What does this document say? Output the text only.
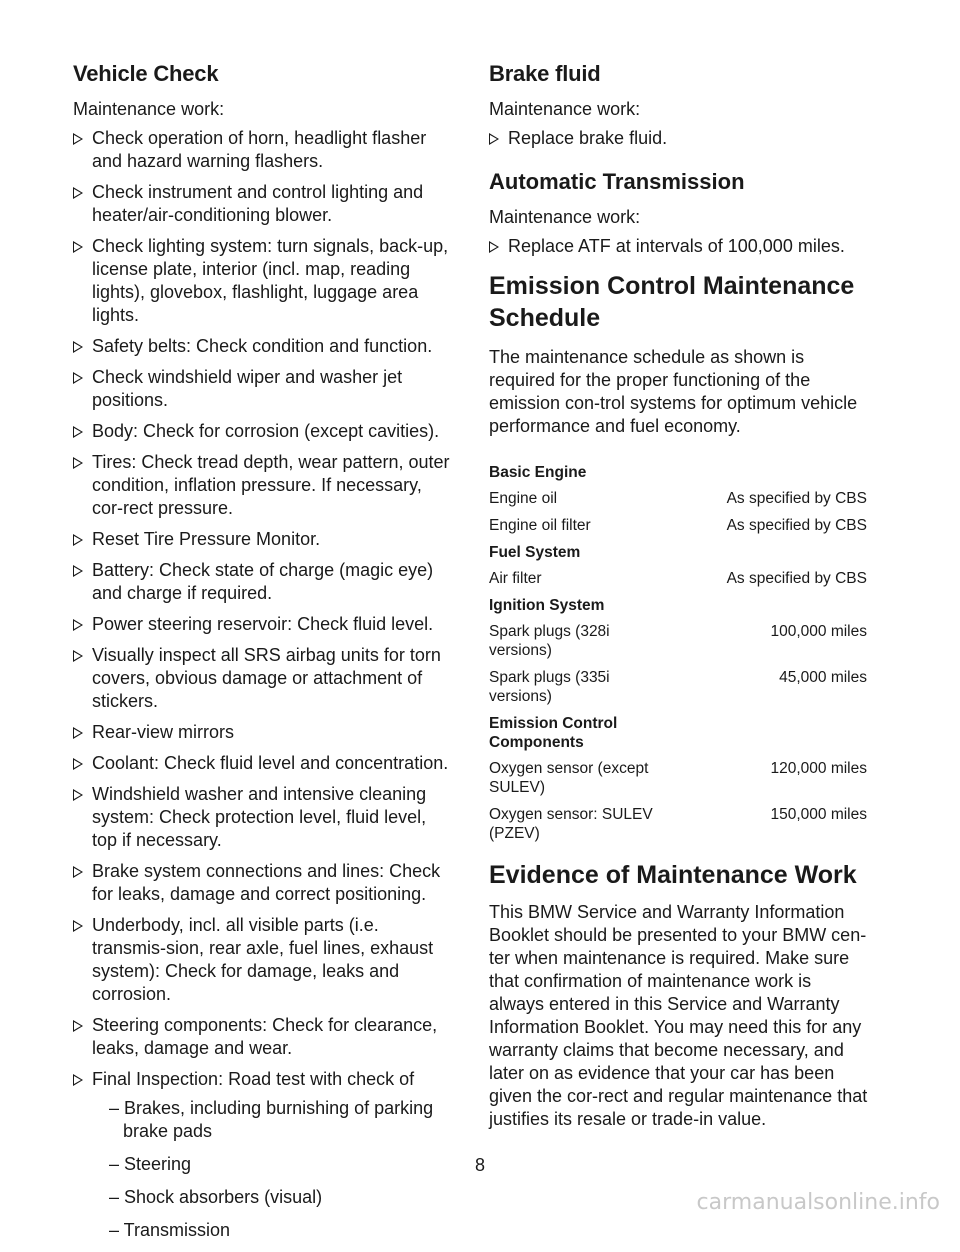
Vehicle Check

Maintenance work:

Check operation of horn, headlight flasher and hazard warning flashers.
Check instrument and control lighting and heater/air-conditioning blower.
Check lighting system: turn signals, back-up, license plate, interior (incl. map, reading lights), glovebox, flashlight, luggage area lights.
Safety belts: Check condition and function.
Check windshield wiper and washer jet positions.
Body: Check for corrosion (except cavities).
Tires: Check tread depth, wear pattern, outer condition, inflation pressure. If necessary, cor-rect pressure.
Reset Tire Pressure Monitor.
Battery: Check state of charge (magic eye) and charge if required.
Power steering reservoir: Check fluid level.
Visually inspect all SRS airbag units for torn covers, obvious damage or attachment of stickers.
Rear-view mirrors
Coolant: Check fluid level and concentration.
Windshield washer and intensive cleaning system: Check protection level, fluid level, top if necessary.
Brake system connections and lines: Check for leaks, damage and correct positioning.
Underbody, incl. all visible parts (i.e. transmis-sion, rear axle, fuel lines, exhaust system): Check for damage, leaks and corrosion.
Steering components: Check for clearance, leaks, damage and wear.
Final Inspection: Road test with check of
– Brakes, including burnishing of parking brake pads
– Steering
– Shock absorbers (visual)
– Transmission
Brake fluid

Maintenance work:

Replace brake fluid.
Automatic Transmission

Maintenance work:

Replace ATF at intervals of 100,000 miles.
Emission Control Maintenance
Schedule

The maintenance schedule as shown is required for the proper functioning of the emission con-trol systems for optimum vehicle performance and fuel economy.

Basic Engine	
Engine oil	As specified by CBS
Engine oil filter	As specified by CBS
Fuel System	
Air filter	As specified by CBS
Ignition System	
Spark plugs (328i versions)	100,000 miles
Spark plugs (335i versions)	45,000 miles
Emission Control Components	
Oxygen sensor (except SULEV)	120,000 miles
Oxygen sensor: SULEV (PZEV)	150,000 miles
Evidence of Maintenance Work

This BMW Service and Warranty Information Booklet should be presented to your BMW cen-ter when maintenance is required. Make sure that confirmation of maintenance work is always entered in this Service and Warranty Information Booklet. You may need this for any warranty claims that become necessary, and later on as evidence that your car has been given the cor-rect and regular maintenance that justifies its resale or trade-in value.

8
carmanualsonline.info
